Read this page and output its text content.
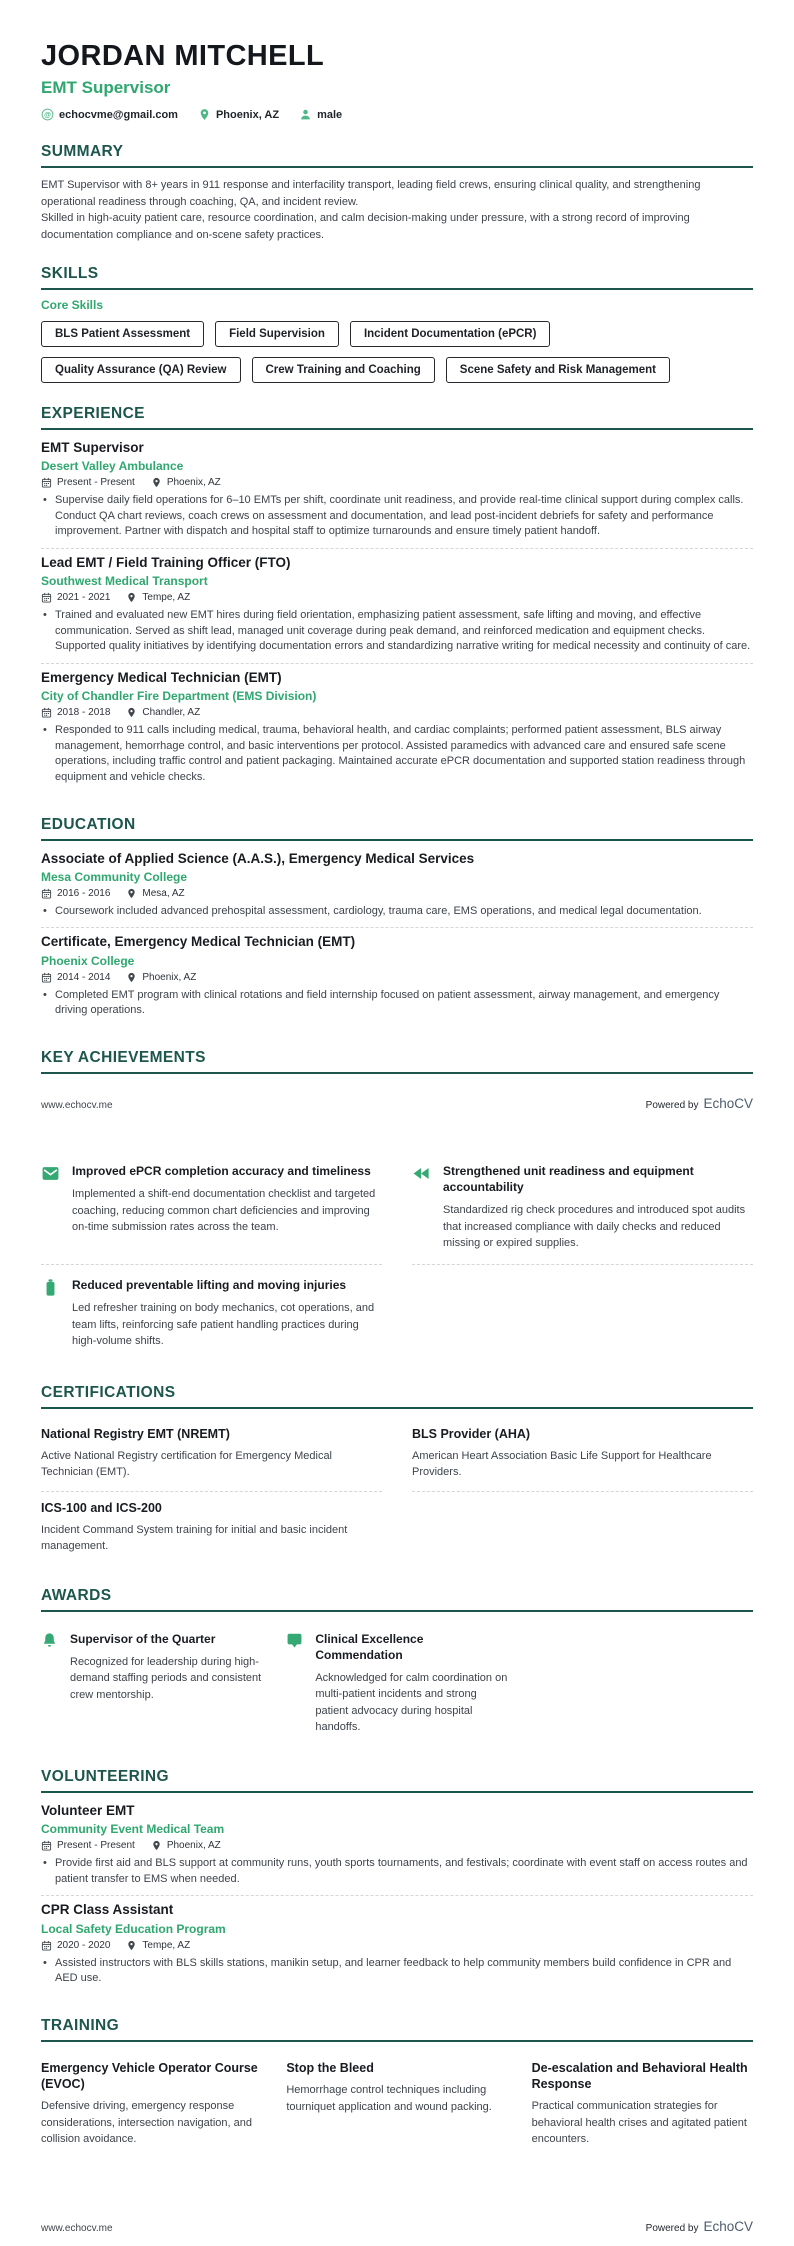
JORDAN MITCHELL
EMT Supervisor
@ echocvme@gmail.com	Phoenix, AZ	male
SUMMARY

EMT Supervisor with 8+ years in 911 response and interfacility transport, leading field crews, ensuring clinical quality, and strengthening operational readiness through coaching, QA, and incident review.

Skilled in high-acuity patient care, resource coordination, and calm decision-making under pressure, with a strong record of improving documentation compliance and on-scene safety practices.

SKILLS
Core Skills
BLS Patient Assessment	Field Supervision	Incident Documentation (ePCR)
Quality Assurance (QA) Review	Crew Training and Coaching	Scene Safety and Risk Management
EXPERIENCE
EMT Supervisor
Desert Valley Ambulance
Present - Present	Phoenix, AZ
• Supervise daily field operations for 6–10 EMTs per shift, coordinate unit readiness, and provide real-time clinical support during complex calls. Conduct QA chart reviews, coach crews on assessment and documentation, and lead post-incident debriefs for safety and performance improvement. Partner with dispatch and hospital staff to optimize turnarounds and ensure timely patient handoff.
Lead EMT / Field Training Officer (FTO)
Southwest Medical Transport
2021 - 2021	Tempe, AZ
• Trained and evaluated new EMT hires during field orientation, emphasizing patient assessment, safe lifting and moving, and effective communication. Served as shift lead, managed unit coverage during peak demand, and reinforced medication and equipment checks. Supported quality initiatives by identifying documentation errors and standardizing narrative writing for medical necessity and continuity of care.
Emergency Medical Technician (EMT)
City of Chandler Fire Department (EMS Division)
2018 - 2018	Chandler, AZ
• Responded to 911 calls including medical, trauma, behavioral health, and cardiac complaints; performed patient assessment, BLS airway management, hemorrhage control, and basic interventions per protocol. Assisted paramedics with advanced care and ensured safe scene operations, including traffic control and patient packaging. Maintained accurate ePCR documentation and supported station readiness through equipment and vehicle checks.
EDUCATION
Associate of Applied Science (A.A.S.), Emergency Medical Services
Mesa Community College
2016 - 2016	Mesa, AZ
• Coursework included advanced prehospital assessment, cardiology, trauma care, EMS operations, and medical legal documentation.
Certificate, Emergency Medical Technician (EMT)
Phoenix College
2014 - 2014	Phoenix, AZ
• Completed EMT program with clinical rotations and field internship focused on patient assessment, airway management, and emergency driving operations.
KEY ACHIEVEMENTS
www.echocv.me	Powered by EchoCV
Improved ePCR completion accuracy and timeliness
Implemented a shift-end documentation checklist and targeted coaching, reducing common chart deficiencies and improving on-time submission rates across the team.
Strengthened unit readiness and equipment accountability
Standardized rig check procedures and introduced spot audits that increased compliance with daily checks and reduced missing or expired supplies.
Reduced preventable lifting and moving injuries
Led refresher training on body mechanics, cot operations, and team lifts, reinforcing safe patient handling practices during high-volume shifts.
CERTIFICATIONS
National Registry EMT (NREMT)
Active National Registry certification for Emergency Medical Technician (EMT).
BLS Provider (AHA)
American Heart Association Basic Life Support for Healthcare Providers.
ICS-100 and ICS-200
Incident Command System training for initial and basic incident management.
AWARDS
Supervisor of the Quarter
Recognized for leadership during high-demand staffing periods and consistent crew mentorship.
Clinical Excellence Commendation
Acknowledged for calm coordination on multi-patient incidents and strong patient advocacy during hospital handoffs.
VOLUNTEERING
Volunteer EMT
Community Event Medical Team
Present - Present	Phoenix, AZ
• Provide first aid and BLS support at community runs, youth sports tournaments, and festivals; coordinate with event staff on access routes and patient transfer to EMS when needed.
CPR Class Assistant
Local Safety Education Program
2020 - 2020	Tempe, AZ
• Assisted instructors with BLS skills stations, manikin setup, and learner feedback to help community members build confidence in CPR and AED use.
TRAINING
Emergency Vehicle Operator Course (EVOC)
Defensive driving, emergency response considerations, intersection navigation, and collision avoidance.
Stop the Bleed
Hemorrhage control techniques including tourniquet application and wound packing.
De-escalation and Behavioral Health Response
Practical communication strategies for behavioral health crises and agitated patient encounters.
www.echocv.me	Powered by EchoCV
